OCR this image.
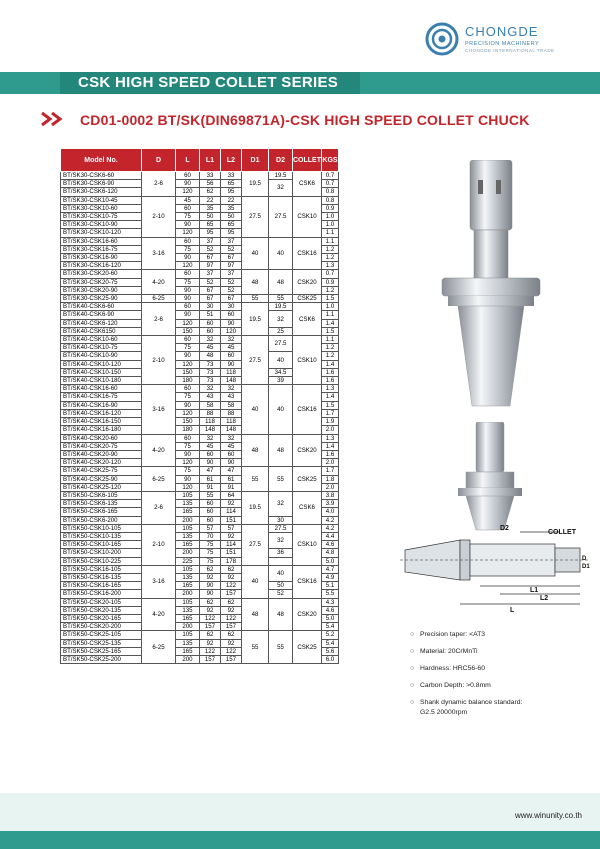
CHONGDE
PRECISION MACHINERY
CHONGDE INTERNATIONAL TRADE
CSK HIGH SPEED COLLET SERIES
CD01-0002 BT/SK(DIN69871A)-CSK HIGH SPEED COLLET CHUCK
Model No.	D	L	L1	L2	D1	D2	COLLET	KGS
BT/SK30-CSK6-60	2-6	60	33	33	19.5	19.5	CSK6	0.7
BT/SK30-CSK6-90		90	56	65		32		0.7
BT/SK30-CSK6-120		120	62	95				0.8
BT/SK30-CSK10-45	2-10	45	22	22	27.5	27.5	CSK10	0.8
BT/SK30-CSK10-60		60	35	35				0.9
BT/SK30-CSK10-75		75	50	50				1.0
BT/SK30-CSK10-90		90	65	65				1.0
BT/SK30-CSK10-120		120	95	95				1.1
BT/SK30-CSK16-60	3-16	60	37	37	40	40	CSK16	1.1
BT/SK30-CSK16-75		75	52	52				1.2
BT/SK30-CSK16-90		90	67	67				1.2
BT/SK30-CSK16-120		120	97	97				1.3
BT/SK30-CSK20-60	4-20	60	37	37	48	48	CSK20	0.7
BT/SK30-CSK20-75		75	52	52				0.9
BT/SK30-CSK20-90		90	67	52				1.2
BT/SK30-CSK25-90	6-25	90	67	67	55	55	CSK25	1.5
BT/SK40-CSK6-60	2-6	60	30	30	19.5	19.5	CSK6	1.0
BT/SK40-CSK6-90		90	51	60		32		1.1
BT/SK40-CSK6-120		120	60	90				1.4
BT/SK40-CSK6150		150	60	120		25		1.5
BT/SK40-CSK10-60	2-10	60	32	32	27.5	27.5	CSK10	1.1
BT/SK40-CSK10-75		75	45	45				1.2
BT/SK40-CSK10-90		90	48	60		40		1.2
BT/SK40-CSK10-120		120	73	90				1.4
BT/SK40-CSK10-150		150	73	118		34.5		1.6
BT/SK40-CSK10-180		180	73	148		39		1.6
BT/SK40-CSK16-60	3-16	60	32	32	40	40	CSK16	1.3
BT/SK40-CSK16-75		75	43	43				1.4
BT/SK40-CSK16-90		90	58	58				1.5
BT/SK40-CSK16-120		120	88	88				1.7
BT/SK40-CSK16-150		150	118	118				1.9
BT/SK40-CSK16-180		180	148	148				2.0
BT/SK40-CSK20-60	4-20	60	32	32	48	48	CSK20	1.3
BT/SK40-CSK20-75		75	45	45				1.4
BT/SK40-CSK20-90		90	60	60				1.6
BT/SK40-CSK20-120		120	90	90				2.0
BT/SK40-CSK25-75	6-25	75	47	47	55	55	CSK25	1.7
BT/SK40-CSK25-90		90	61	61				1.8
BT/SK40-CSK25-120		120	91	91				2.0
BT/SK50-CSK6-105	2-6	105	55	64	19.5	32	CSK6	3.8
BT/SK50-CSK6-135		135	60	92				3.9
BT/SK50-CSK6-165		165	60	114				4.0
BT/SK50-CSK6-200		200	60	151		30		4.2
BT/SK50-CSK10-105	2-10	105	57	57	27.5	27.5	CSK10	4.2
BT/SK50-CSK10-135		135	70	92		32		4.4
BT/SK50-CSK10-165		165	75	114				4.6
BT/SK50-CSK10-200		200	75	151		36		4.8
BT/SK50-CSK10-225		225	75	178				5.0
BT/SK50-CSK16-105	3-16	105	62	62	40	40	CSK16	4.7
BT/SK50-CSK16-135		135	92	92				4.9
BT/SK50-CSK16-165		165	90	122		50		5.1
BT/SK50-CSK16-200		200	90	157		52		5.5
BT/SK50-CSK20-105	4-20	105	62	62	48	48	CSK20	4.3
BT/SK50-CSK20-135		135	92	92				4.6
BT/SK50-CSK20-165		165	122	122				5.0
BT/SK50-CSK20-200		200	157	157				5.4
BT/SK50-CSK25-105	6-25	105	62	62	55	55	CSK25	5.2
BT/SK50-CSK25-135		135	92	92				5.4
BT/SK50-CSK25-165		165	122	122				5.6
BT/SK50-CSK25-200		200	157	157				6.0
D2
COLLET
D
D1
L1
L2
L
○ Precision taper: <AT3
○ Material: 20CrMnTi
○ Hardness: HRC56-60
○ Carbon Depth: >0.8mm
○ Shank dynamic balance standard:
G2.5 20000rpm
www.winunity.co.th
